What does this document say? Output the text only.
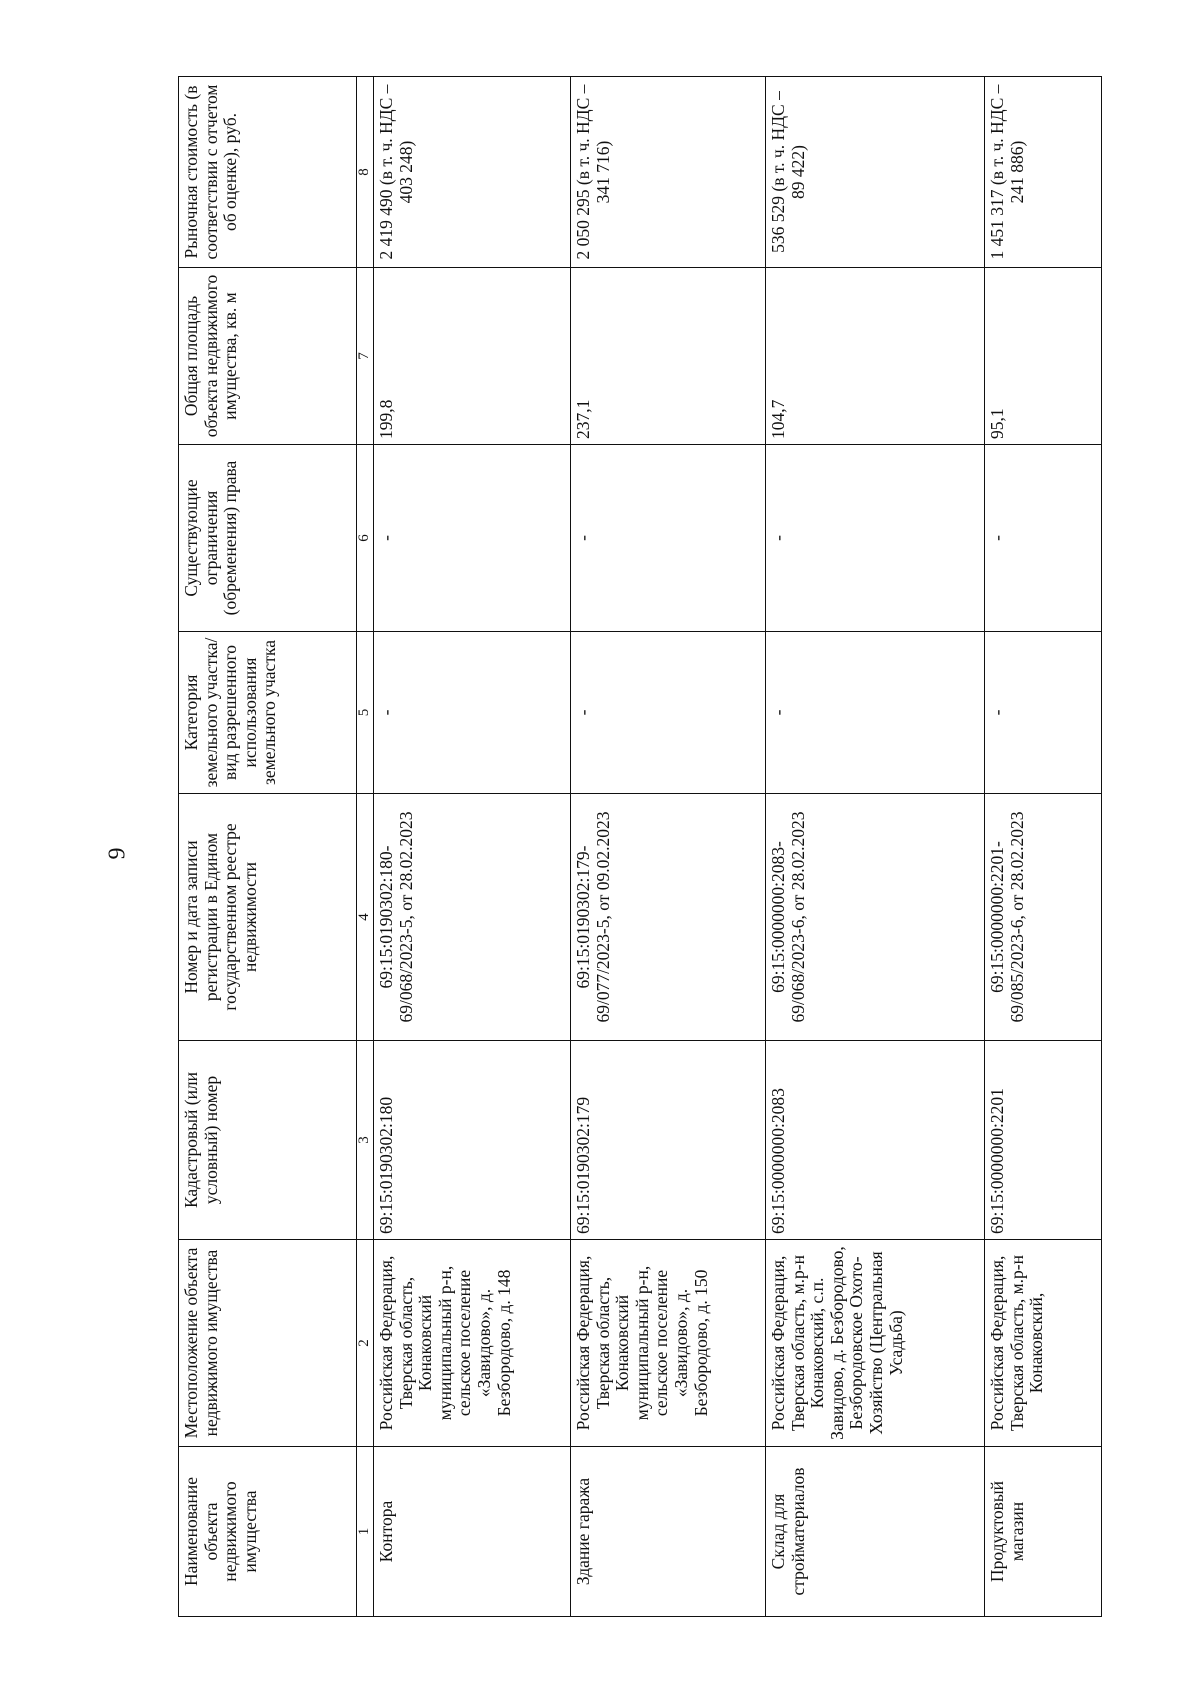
9
Наименование объекта недвижимого имущества	Местоположение объекта недвижимого имущества	Кадастровый (или условный) номер	Номер и дата записи регистрации в Едином государственном реестре недвижимости	Категория земельного участка/вид разрешенного использования земельного участка	Существующие ограничения (обременения) права	Общая площадь объекта недвижимого имущества, кв. м	Рыночная стоимость (в соответствии с отчетом об оценке), руб.
1	2	3	4	5	6	7	8
Контора	Российская Федерация, Тверская область, Конаковский муниципальный р-н, сельское поселение «Завидово», д. Безбородово, д. 148	69:15:0190302:180	69:15:0190302:180-69/068/2023-5, от 28.02.2023	-	-	199,8	2 419 490 (в т. ч. НДС – 403 248)
Здание гаража	Российская Федерация, Тверская область, Конаковский муниципальный р-н, сельское поселение «Завидово», д. Безбородово, д. 150	69:15:0190302:179	69:15:0190302:179-69/077/2023-5, от 09.02.2023	-	-	237,1	2 050 295 (в т. ч. НДС – 341 716)
Склад для стройматериалов	Российская Федерация, Тверская область, м.р-н Конаковский, с.п. Завидово, д. Безбородово, Безбородовское Охото-Хозяйство (Центральная Усадьба)	69:15:0000000:2083	69:15:0000000:2083-69/068/2023-6, от 28.02.2023	-	-	104,7	536 529 (в т. ч. НДС – 89 422)
Продуктовый магазин	Российская Федерация, Тверская область, м.р-н Конаковский,	69:15:0000000:2201	69:15:0000000:2201-69/085/2023-6, от 28.02.2023	-	-	95,1	1 451 317 (в т. ч. НДС – 241 886)
